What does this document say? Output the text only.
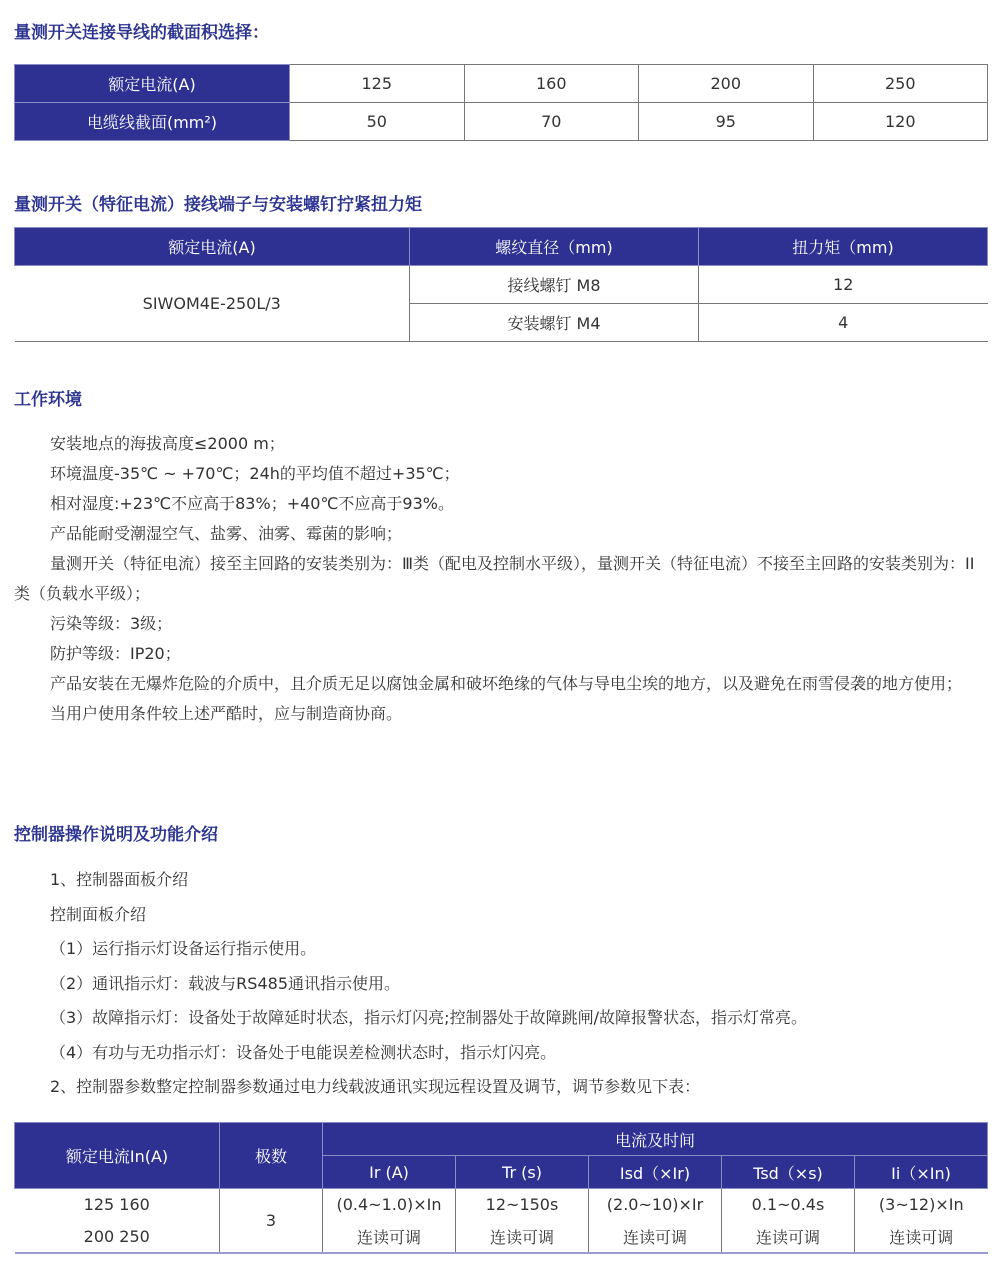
量测开关连接导线的截面积选择：
额定电流(A)	125	160	200	250
电缆线截面(mm²)	50	70	95	120
量测开关（特征电流）接线端子与安装螺钉拧紧扭力矩
额定电流(A)	螺纹直径（mm)	扭力矩（mm)
SIWOM4E-250L/3	接线螺钉 M8	12
	安装螺钉 M4	4
工作环境
安装地点的海拔高度≤2000 m；
环境温度-35℃ ~ +70℃；24h的平均值不超过+35℃；
相对湿度:+23℃不应高于83%；+40℃不应高于93%。
产品能耐受潮湿空气、盐雾、油雾、霉菌的影响；
量测开关（特征电流）接至主回路的安装类别为：Ⅲ类（配电及控制水平级），量测开关（特征电流）不接至主回路的安装类别为：II类（负载水平级）；
污染等级：3级；
防护等级：IP20；
产品安装在无爆炸危险的介质中，且介质无足以腐蚀金属和破坏绝缘的气体与导电尘埃的地方，以及避免在雨雪侵袭的地方使用；
当用户使用条件较上述严酷时，应与制造商协商。
控制器操作说明及功能介绍
1、控制器面板介绍
控制面板介绍
（1）运行指示灯设备运行指示使用。
（2）通讯指示灯：载波与RS485通讯指示使用。
（3）故障指示灯：设备处于故障延时状态，指示灯闪亮;控制器处于故障跳闸/故障报警状态，指示灯常亮。
（4）有功与无功指示灯：设备处于电能误差检测状态时，指示灯闪亮。
2、控制器参数整定控制器参数通过电力线载波通讯实现远程设置及调节，调节参数见下表：
额定电流In(A)	极数	电流及时间				
		Ir (A)	Tr (s)	Isd（×Ir)	Tsd（×s)	Ii（×In)
125 160	3	(0.4~1.0)×In	12~150s	(2.0~10)×Ir	0.1~0.4s	(3~12)×In
200 250		连读可调	连读可调	连读可调	连读可调	连读可调
